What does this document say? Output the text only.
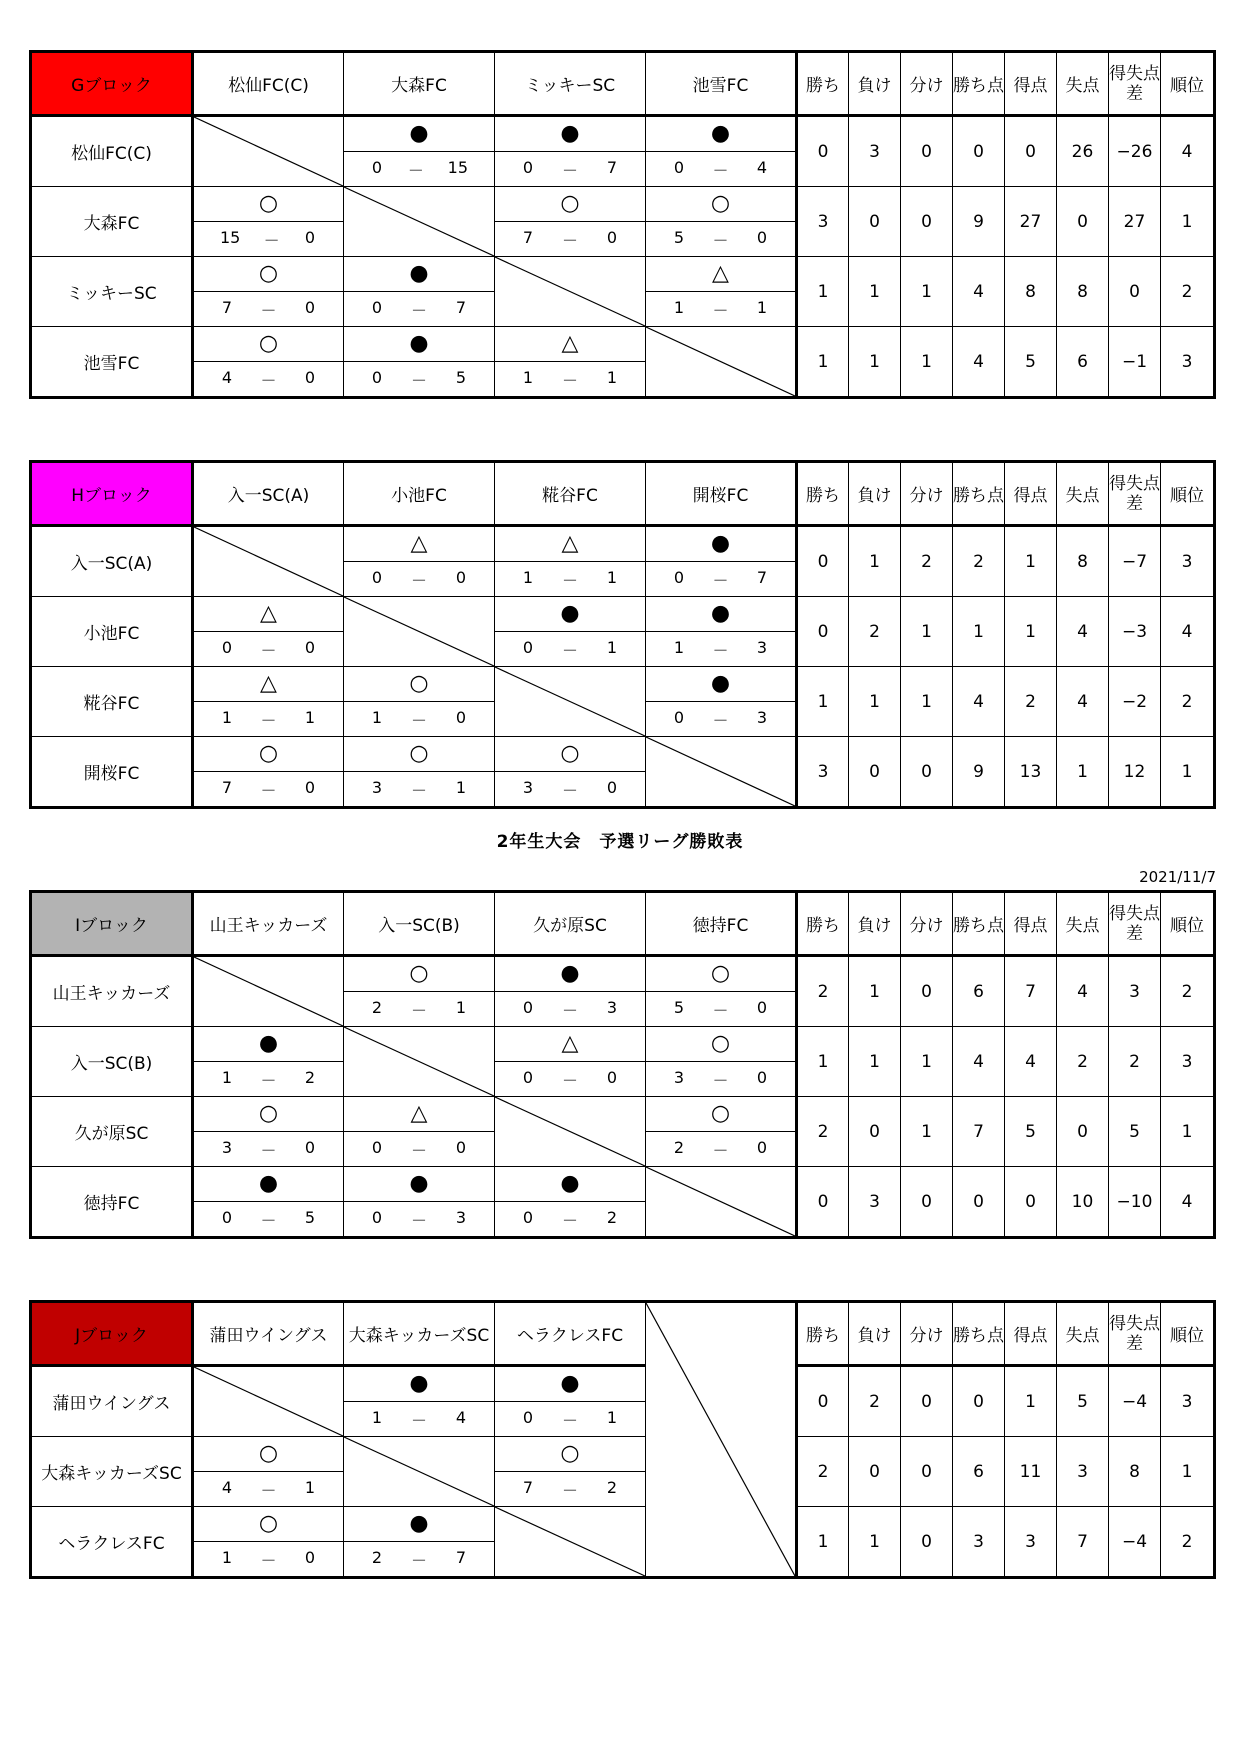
Gブロック	松仙FC(C)	大森FC	ミッキーSC	池雪FC	勝ち	負け	分け	勝ち点	得点	失点	得失点差	順位
松仙FC(C)		●	●	●	0	3	0	0	0	26	−26	4

		0 － 15	0 － 7	0 － 4								

大森FC	○		○	○	3	0	0	9	27	0	27	1

	15 － 0		7 － 0	5 － 0								

ミッキーSC	○	●		△	1	1	1	4	8	8	0	2

	7 － 0	0 － 7		1 － 1								

池雪FC	○	●	△		1	1	1	4	5	6	−1	3

	4 － 0	0 － 5	1 － 1									
Hブロック	入一SC(A)	小池FC	糀谷FC	開桜FC	勝ち	負け	分け	勝ち点	得点	失点	得失点差	順位
入一SC(A)		△	△	●	0	1	2	2	1	8	−7	3

		0 － 0	1 － 1	0 － 7								

小池FC	△		●	●	0	2	1	1	1	4	−3	4

	0 － 0		0 － 1	1 － 3								

糀谷FC	△	○		●	1	1	1	4	2	4	−2	2

	1 － 1	1 － 0		0 － 3								

開桜FC	○	○	○		3	0	0	9	13	1	12	1

	7 － 0	3 － 1	3 － 0									
2年生大会　予選リーグ勝敗表
2021/11/7
Iブロック	山王キッカーズ	入一SC(B)	久が原SC	徳持FC	勝ち	負け	分け	勝ち点	得点	失点	得失点差	順位
山王キッカーズ		○	●	○	2	1	0	6	7	4	3	2

		2 － 1	0 － 3	5 － 0								

入一SC(B)	●		△	○	1	1	1	4	4	2	2	3

	1 － 2		0 － 0	3 － 0								

久が原SC	○	△		○	2	0	1	7	5	0	5	1

	3 － 0	0 － 0		2 － 0								

徳持FC	●	●	●		0	3	0	0	0	10	−10	4

	0 － 5	0 － 3	0 － 2									
Jブロック	蒲田ウイングス	大森キッカーズSC	ヘラクレスFC		勝ち	負け	分け	勝ち点	得点	失点	得失点差	順位
蒲田ウイングス		●	●		0	2	0	0	1	5	−4	3

		1 － 4	0 － 1									

大森キッカーズSC	○		○		2	0	0	6	11	3	8	1

	4 － 1		7 － 2									

ヘラクレスFC	○	●			1	1	0	3	3	7	−4	2

	1 － 0	2 － 7										
